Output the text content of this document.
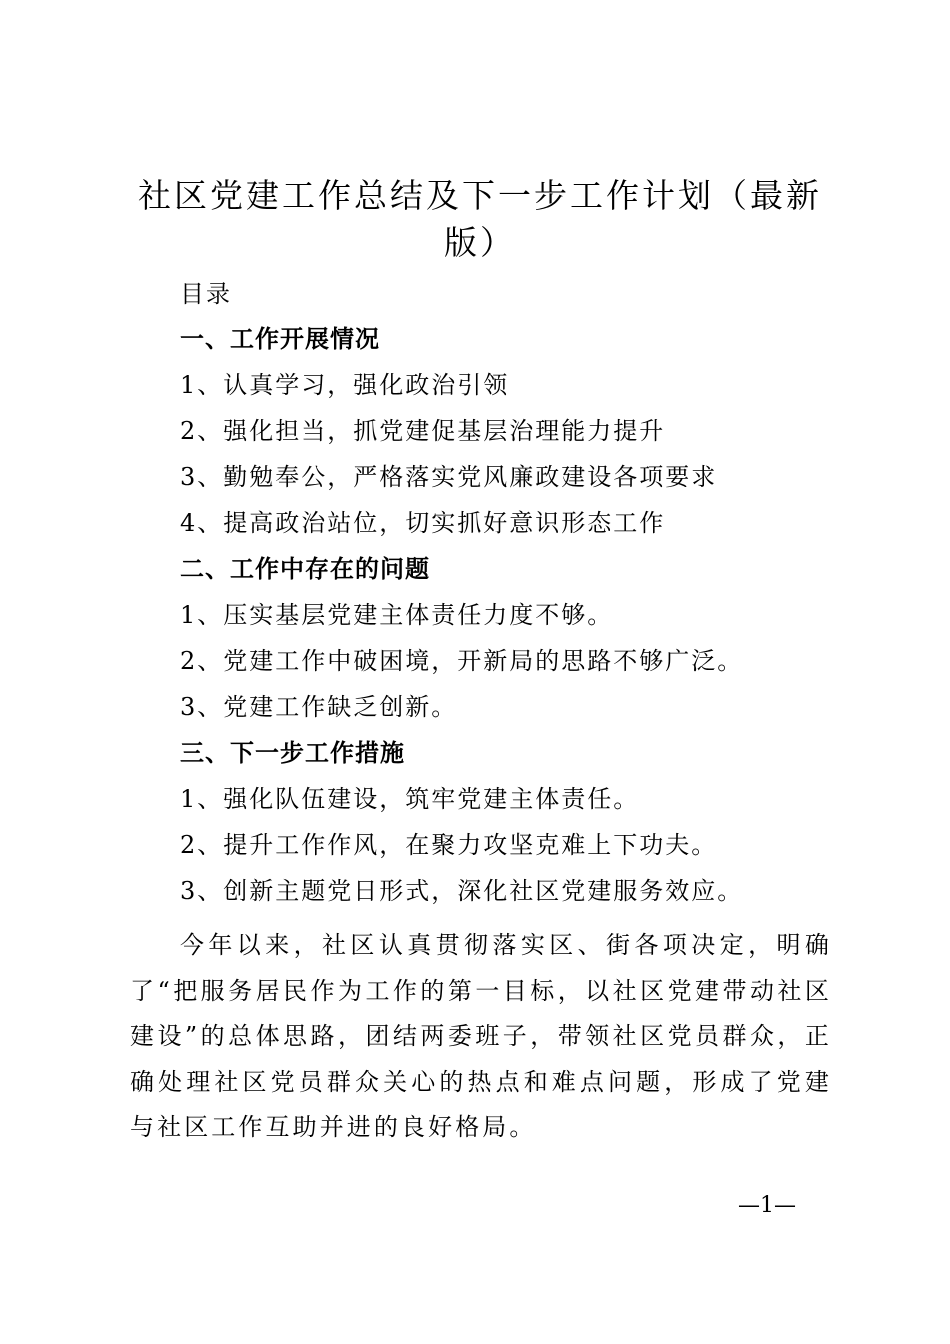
社区党建工作总结及下一步工作计划（最新版）
目录
一、工作开展情况
1、认真学习，强化政治引领
2、强化担当，抓党建促基层治理能力提升
3、勤勉奉公，严格落实党风廉政建设各项要求
4、提高政治站位，切实抓好意识形态工作
二、工作中存在的问题
1、压实基层党建主体责任力度不够。
2、党建工作中破困境，开新局的思路不够广泛。
3、党建工作缺乏创新。
三、下一步工作措施
1、强化队伍建设，筑牢党建主体责任。
2、提升工作作风，在聚力攻坚克难上下功夫。
3、创新主题党日形式，深化社区党建服务效应。

今年以来，社区认真贯彻落实区、街各项决定，明确了“把服务居民作为工作的第一目标，以社区党建带动社区建设”的总体思路，团结两委班子，带领社区党员群众，正确处理社区党员群众关心的热点和难点问题，形成了党建与社区工作互助并进的良好格局。

—1—
